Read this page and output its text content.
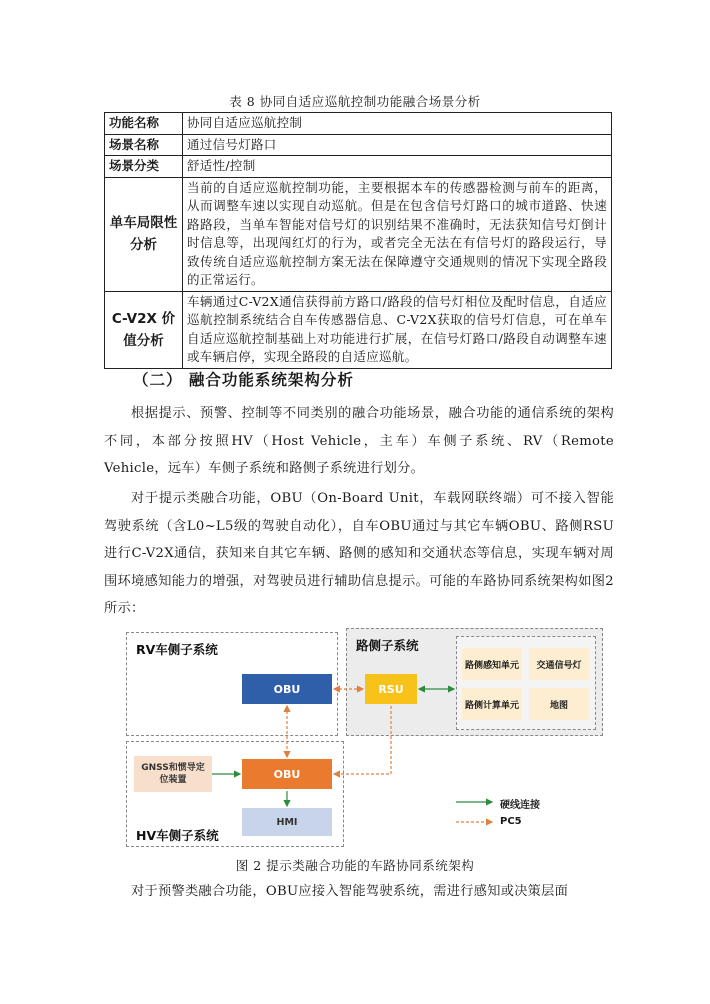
表 8 协同自适应巡航控制功能融合场景分析
功能名称	协同自适应巡航控制
场景名称	通过信号灯路口
场景分类	舒适性/控制
单车局限性分析	当前的自适应巡航控制功能，主要根据本车的传感器检测与前车的距离，从而调整车速以实现自动巡航。但是在包含信号灯路口的城市道路、快速路路段，当单车智能对信号灯的识别结果不准确时，无法获知信号灯倒计时信息等，出现闯红灯的行为，或者完全无法在有信号灯的路段运行，导致传统自适应巡航控制方案无法在保障遵守交通规则的情况下实现全路段的正常运行。
C-V2X 价值分析	车辆通过C-V2X通信获得前方路口/路段的信号灯相位及配时信息，自适应巡航控制系统结合自车传感器信息、C-V2X获取的信号灯信息，可在单车自适应巡航控制基础上对功能进行扩展，在信号灯路口/路段自动调整车速或车辆启停，实现全路段的自适应巡航。
（二） 融合功能系统架构分析
根据提示、预警、控制等不同类别的融合功能场景，融合功能的通信系统的架构不同，本部分按照HV（Host Vehicle，主车）车侧子系统、RV（Remote Vehicle，远车）车侧子系统和路侧子系统进行划分。
对于提示类融合功能，OBU（On-Board Unit，车载网联终端）可不接入智能驾驶系统（含L0~L5级的驾驶自动化），自车OBU通过与其它车辆OBU、路侧RSU进行C-V2X通信，获知来自其它车辆、路侧的感知和交通状态等信息，实现车辆对周围环境感知能力的增强，对驾驶员进行辅助信息提示。可能的车路协同系统架构如图2所示：
RV车侧子系统	路侧子系统
路侧感知单元	交通信号灯
路侧计算单元	地图
HV车侧子系统
OBU	RSU
OBU
GNSS和惯导定位装置
HMI
硬线连接
PC5
图 2 提示类融合功能的车路协同系统架构
对于预警类融合功能，OBU应接入智能驾驶系统，需进行感知或决策层面
